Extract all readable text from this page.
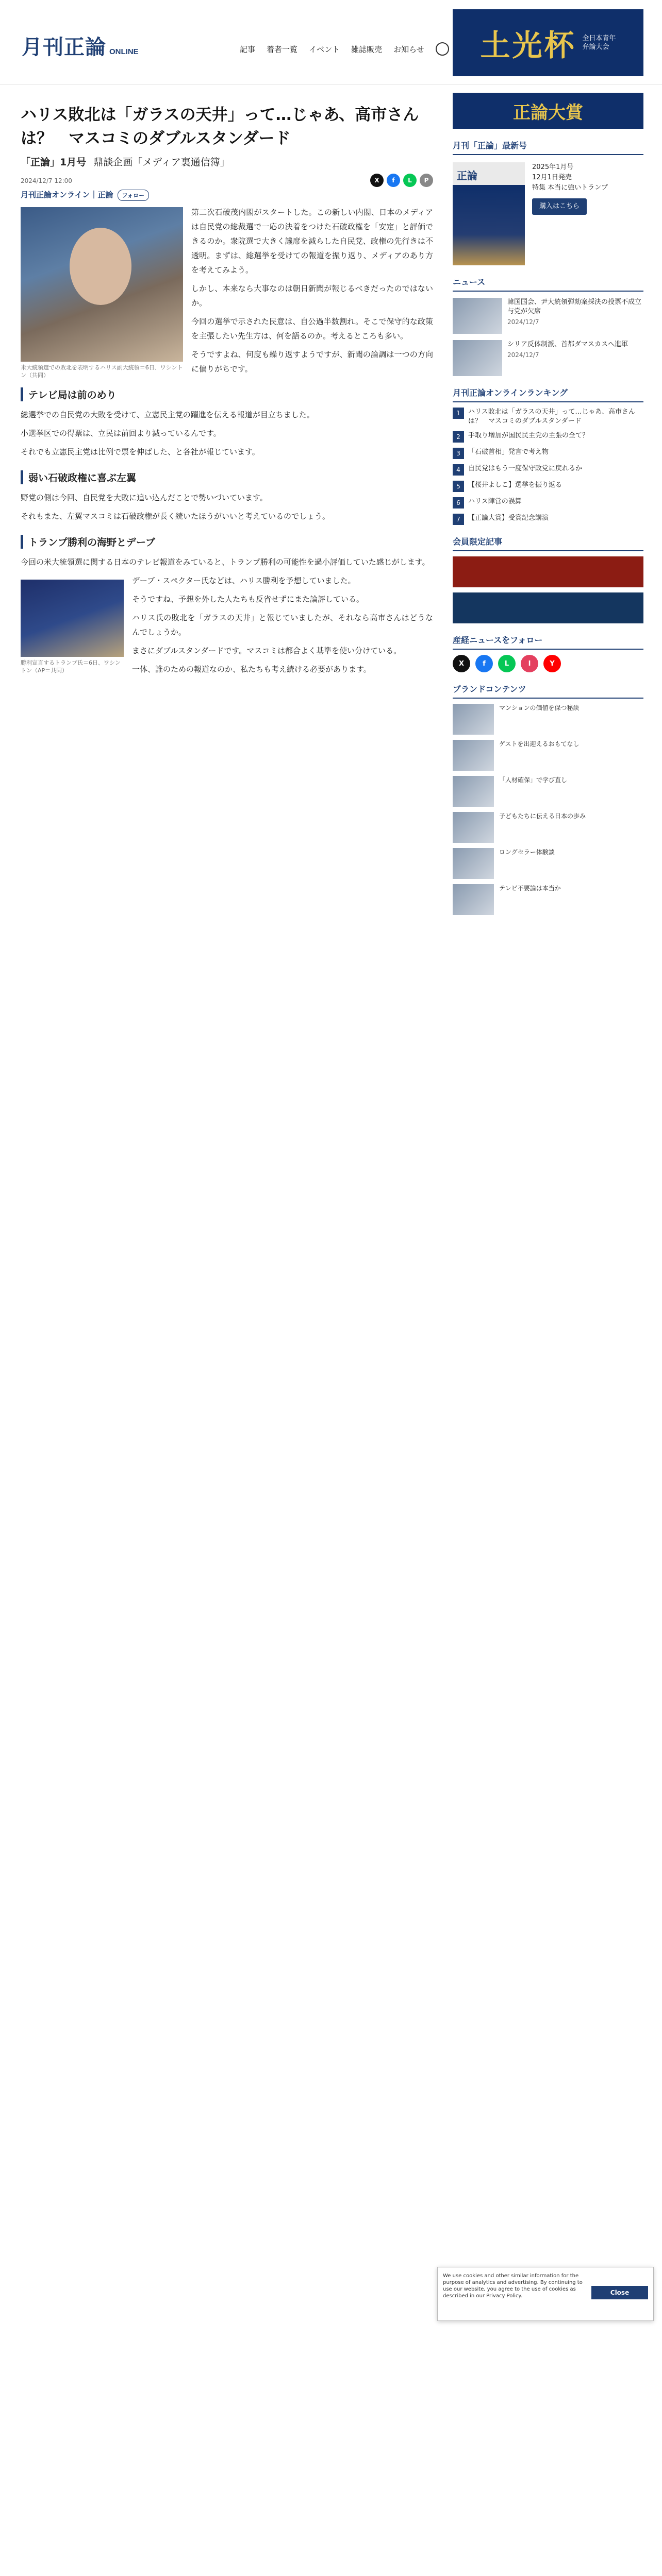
月刊正論 ONLINE	記事 着者一覧 イベント 雑誌販売 お知らせ 土光杯 全日本青年
弁論大会
ハリス敗北は「ガラスの天井」って…じゃあ、高市さんは？　マスコミのダブルスタンダード
「正論」1月号 鼎談企画「メディア裏通信簿」
2024/12/7 12:00	X	f	L	P
月刊正論オンライン｜正論 フォロー
米大統領選での敗北を表明するハリス副大統領＝6日、ワシントン（共同）

第二次石破茂内閣がスタートした。この新しい内閣、日本のメディアは自民党の総裁選で一応の決着をつけた石破政権を「安定」と評価できるのか。衆院選で大きく議席を減らした自民党、政権の先行きは不透明。まずは、総選挙を受けての報道を振り返り、メディアのあり方を考えてみよう。

しかし、本来なら大事なのは朝日新聞が報じるべきだったのではないか。

今回の選挙で示された民意は、自公過半数割れ。そこで保守的な政策を主張したい先生方は、何を語るのか。考えるところも多い。

そうですよね、何度も繰り返すようですが、新聞の論調は一つの方向に偏りがちです。

テレビ局は前のめり

総選挙での自民党の大敗を受けて、立憲民主党の躍進を伝える報道が目立ちました。

小選挙区での得票は、立民は前回より減っているんです。

それでも立憲民主党は比例で票を伸ばした、と各社が報じています。

弱い石破政権に喜ぶ左翼

野党の側は今回、自民党を大敗に追い込んだことで勢いづいています。

それもまた、左翼マスコミは石破政権が長く続いたほうがいいと考えているのでしょう。

トランプ勝利の海野とデーブ

今回の米大統領選に関する日本のテレビ報道をみていると、トランプ勝利の可能性を過小評価していた感じがします。

勝利宣言するトランプ氏＝6日、ワシントン（AP＝共同）

デーブ・スペクター氏などは、ハリス勝利を予想していました。

そうですね、予想を外した人たちも反省せずにまた論評している。

ハリス氏の敗北を「ガラスの天井」と報じていましたが、それなら高市さんはどうなんでしょうか。

まさにダブルスタンダードです。マスコミは都合よく基準を使い分けている。

一体、誰のための報道なのか、私たちも考え続ける必要があります。

正論大賞
月刊「正論」最新号
正論
2025年1月号
12月1日発売
特集 本当に強いトランプ
購入はこちら
ニュース
韓国国会、尹大統領弾劾案採決の投票不成立 与党が欠席
2024/12/7
シリア反体制派、首都ダマスカスへ進軍
2024/12/7
月刊正論オンラインランキング
1	ハリス敗北は「ガラスの天井」って…じゃあ、高市さんは？　マスコミのダブルスタンダード
2	手取り増加が国民民主党の主張の全て？
3	「石破首相」発言で考え物
4	自民党はもう一度保守政党に戻れるか
5	【桜井よしこ】選挙を振り返る
6	ハリス陣営の誤算
7	【正論大賞】受賞記念講演
会員限定記事
産経ニュースをフォロー
X	f	L	I	Y
ブランドコンテンツ
マンションの価値を保つ秘訣
ゲストを出迎えるおもてなし
「人材確保」で学び直し
子どもたちに伝える日本の歩み
ロングセラー体験談
テレビ不要論は本当か
We use cookies and other similar information for the purpose of analytics and advertising. By continuing to use our website, you agree to the use of cookies as described in our Privacy Policy.	Close
